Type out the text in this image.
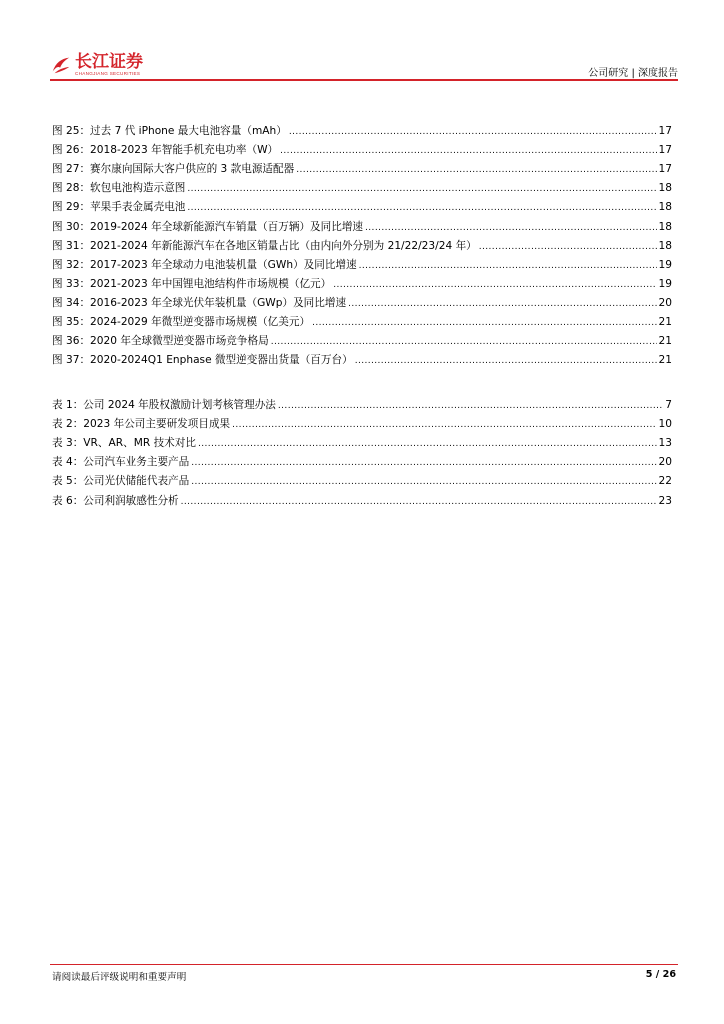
长江证券
CHANGJIANG SECURITIES	公司研究 | 深度报告
图 25：过去 7 代 iPhone 最大电池容量（mAh） .....	17
图 26：2018-2023 年智能手机充电功率（W） .....	17
图 27：赛尔康向国际大客户供应的 3 款电源适配器 .....	17
图 28：软包电池构造示意图 .....	18
图 29：苹果手表金属壳电池 .....	18
图 30：2019-2024 年全球新能源汽车销量（百万辆）及同比增速 .....	18
图 31：2021-2024 年新能源汽车在各地区销量占比（由内向外分别为 21/22/23/24 年） .....	18
图 32：2017-2023 年全球动力电池装机量（GWh）及同比增速 .....	19
图 33：2021-2023 年中国锂电池结构件市场规模（亿元） .....	19
图 34：2016-2023 年全球光伏年装机量（GWp）及同比增速 .....	20
图 35：2024-2029 年微型逆变器市场规模（亿美元） .....	21
图 36：2020 年全球微型逆变器市场竞争格局 .....	21
图 37：2020-2024Q1 Enphase 微型逆变器出货量（百万台） .....	21
表 1：公司 2024 年股权激励计划考核管理办法 .....	7
表 2：2023 年公司主要研发项目成果 .....	10
表 3：VR、AR、MR 技术对比 .....	13
表 4：公司汽车业务主要产品 .....	20
表 5：公司光伏储能代表产品 .....	22
表 6：公司利润敏感性分析 .....	23
请阅读最后评级说明和重要声明	5 / 26
